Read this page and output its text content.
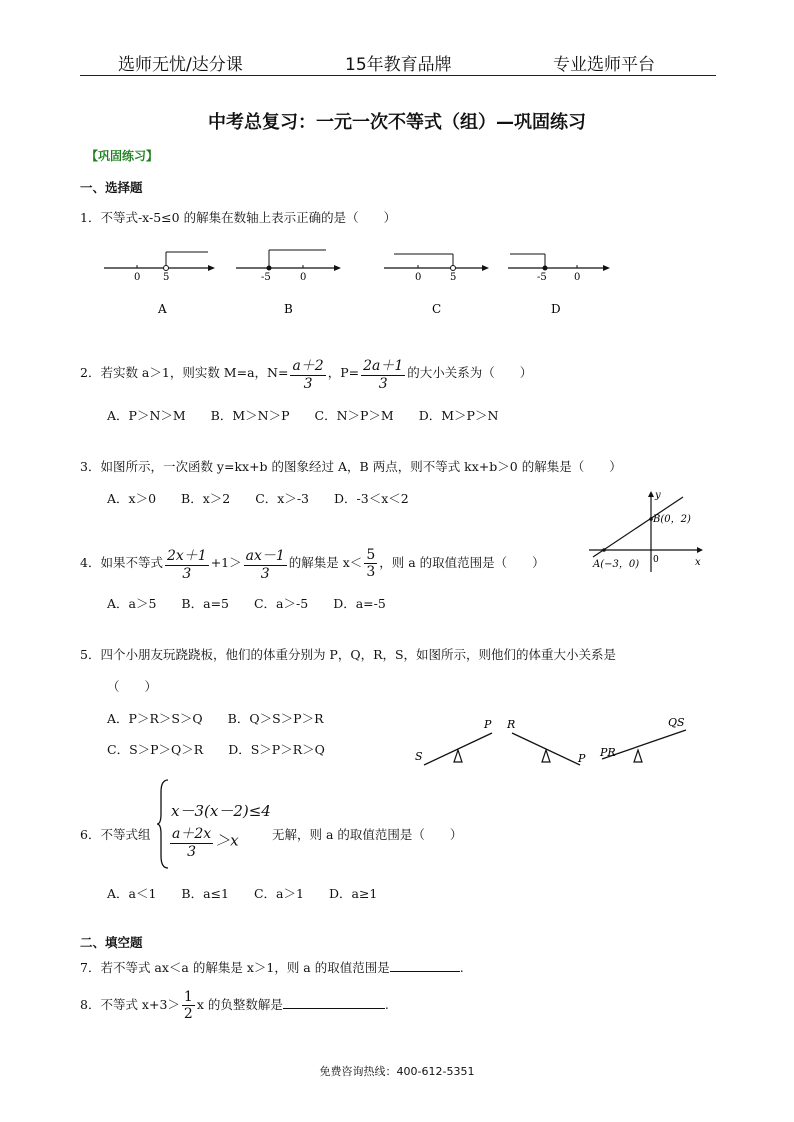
选师无忧/达分课	15年教育品牌	专业选师平台
中考总复习：一元一次不等式（组）—巩固练习
【巩固练习】
一、选择题
1．不等式-x-5≤0 的解集在数轴上表示正确的是（　　）
0 5
A
-5	0
B
0	5
C
-5	0
D
2．若实数 a＞1，则实数 M=a，$N= \frac{a+2}{3}$ ，$P= \frac{2a+1}{3}$ 的大小关系为（　　）
A．P＞N＞M　　B．M＞N＞P　　C．N＞P＞M　　D．M＞P＞N
3．如图所示，一次函数 y=kx+b 的图象经过 A，B 两点，则不等式 kx+b＞0 的解集是（　　）
A．x＞0　　B．x＞2　　C．x＞-3　　D．-3＜x＜2	y
x
0
B(0，2)
A(−3，0)
4．如果不等式 $\frac{2x+1}{3} +1> \frac{ax-1}{3}$ 的解集是 $x< \frac{5}{3}$ ，则 a 的取值范围是（　　）
A．a＞5　　B．a=5　　C．a＞-5　　D．a=-5
5．四个小朋友玩跷跷板，他们的体重分别为 P，Q，R，S，如图所示，则他们的体重大小关系是
（　　）
A．P＞R＞S＞Q　　B．Q＞S＞P＞R
C．S＞P＞Q＞R　　D．S＞P＞R＞Q	S
P R
P PR
QS
6．不等式组
x－3(x－2)≤4
$\frac{a+2x}{3} >x$	无解，则 a 的取值范围是（　　）
A．a＜1　　B．a≤1　　C．a＞1　　D．a≥1
二、填空题
7．若不等式 ax＜a 的解集是 x＞1，则 a 的取值范围是	.
8．不等式 $x+3> \frac{1}{2}$ x 的负整数解是	.
免费咨询热线：400-612-5351
